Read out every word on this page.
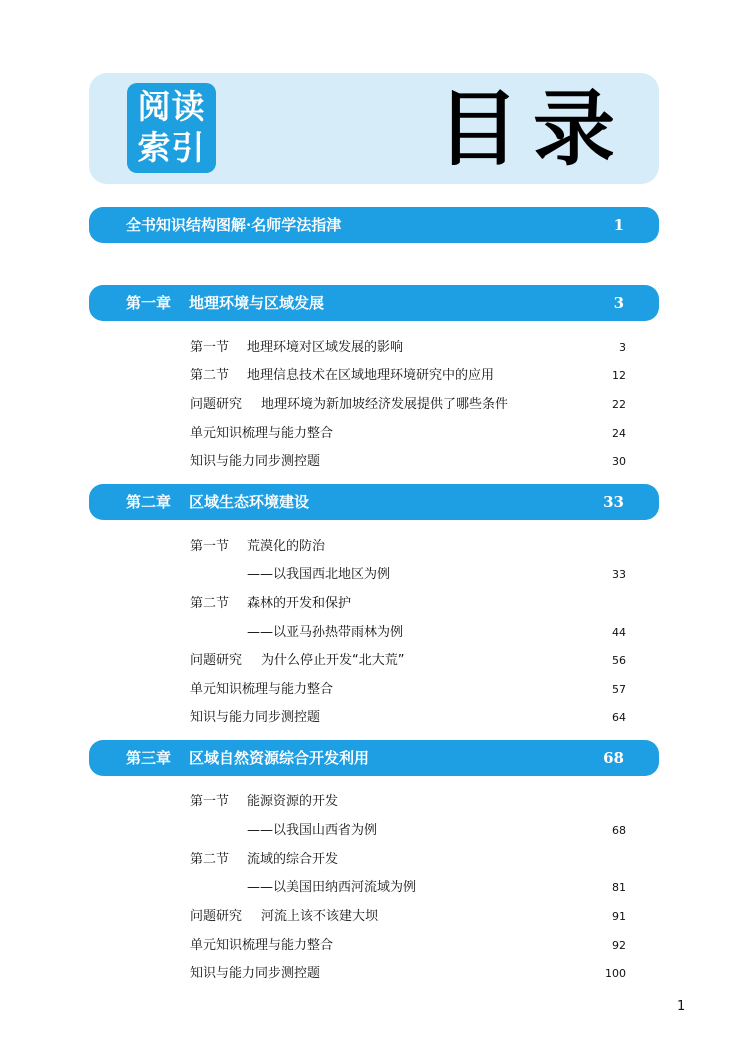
阅读
索引	目录
全书知识结构图解·名师学法指津	1
第一章 地理环境与区域发展	3
第一节 地理环境对区域发展的影响	3
第二节 地理信息技术在区域地理环境研究中的应用	12
问题研究 地理环境为新加坡经济发展提供了哪些条件	22
单元知识梳理与能力整合	24
知识与能力同步测控题	30
第二章 区域生态环境建设	33
第一节 荒漠化的防治
——以我国西北地区为例	33
第二节 森林的开发和保护
——以亚马孙热带雨林为例	44
问题研究 为什么停止开发“北大荒”	56
单元知识梳理与能力整合	57
知识与能力同步测控题	64
第三章 区域自然资源综合开发利用	68
第一节 能源资源的开发
——以我国山西省为例	68
第二节 流域的综合开发
——以美国田纳西河流域为例	81
问题研究 河流上该不该建大坝	91
单元知识梳理与能力整合	92
知识与能力同步测控题	100
1
